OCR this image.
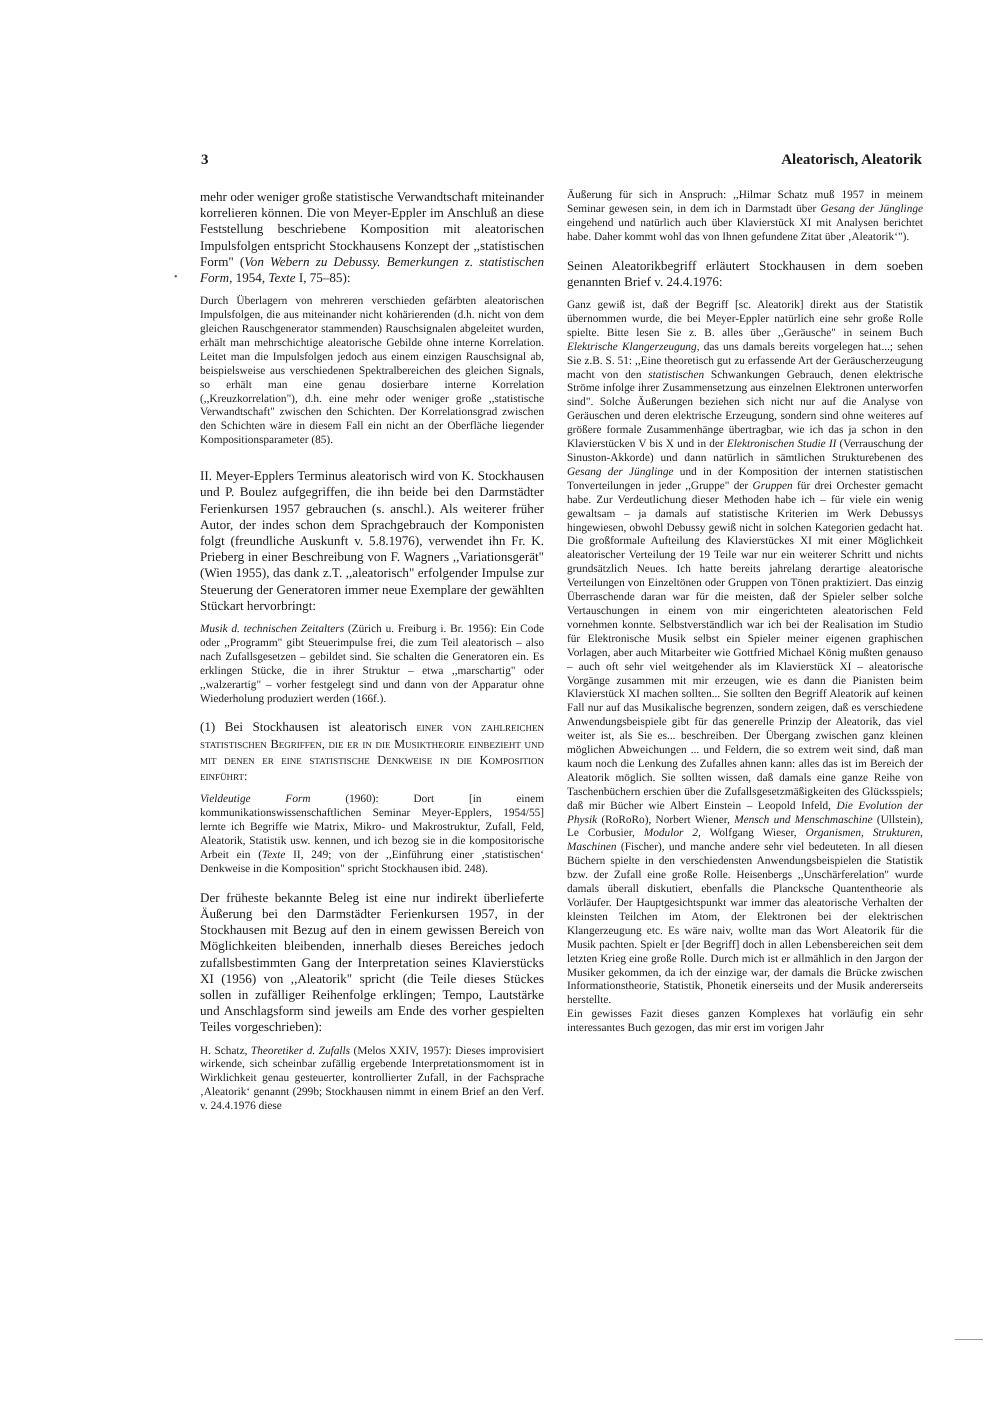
3	Aleatorisch, Aleatorik
•

mehr oder weniger große statistische Verwandtschaft miteinander korrelieren können. Die von Meyer-Eppler im Anschluß an diese Feststellung beschriebene Komposition mit aleatorischen Impulsfolgen entspricht Stockhausens Konzept der ,,statistischen Form" (Von Webern zu Debussy. Bemerkungen z. statistischen Form, 1954, Texte I, 75–85):

Durch Überlagern von mehreren verschieden gefärbten aleatorischen Impulsfolgen, die aus miteinander nicht kohärierenden (d.h. nicht von dem gleichen Rauschgenerator stammenden) Rauschsignalen abgeleitet wurden, erhält man mehrschichtige aleatorische Gebilde ohne interne Korrelation. Leitet man die Impulsfolgen jedoch aus einem einzigen Rauschsignal ab, beispielsweise aus verschiedenen Spektralbereichen des gleichen Signals, so erhält man eine genau dosierbare interne Korrelation (,,Kreuzkorrelation"), d.h. eine mehr oder weniger große ,,statistische Verwandtschaft" zwischen den Schichten. Der Korrelationsgrad zwischen den Schichten wäre in diesem Fall ein nicht an der Oberfläche liegender Kompositionsparameter (85).

II. Meyer-Epplers Terminus aleatorisch wird von K. Stockhausen und P. Boulez aufgegriffen, die ihn beide bei den Darmstädter Ferienkursen 1957 gebrauchen (s. anschl.). Als weiterer früher Autor, der indes schon dem Sprachgebrauch der Komponisten folgt (freundliche Auskunft v. 5.8.1976), verwendet ihn Fr. K. Prieberg in einer Beschreibung von F. Wagners ,,Variationsgerät" (Wien 1955), das dank z.T. ,,aleatorisch" erfolgender Impulse zur Steuerung der Generatoren immer neue Exemplare der gewählten Stückart hervorbringt:

Musik d. technischen Zeitalters (Zürich u. Freiburg i. Br. 1956): Ein Code oder ,,Programm" gibt Steuerimpulse frei, die zum Teil aleatorisch – also nach Zufallsgesetzen – gebildet sind. Sie schalten die Generatoren ein. Es erklingen Stücke, die in ihrer Struktur – etwa ,,marschartig" oder ,,walzerartig" – vorher festgelegt sind und dann von der Apparatur ohne Wiederholung produziert werden (166f.).

(1) Bei Stockhausen ist aleatorisch einer von zahlreichen statistischen Begriffen, die er in die Musiktheorie einbezieht und mit denen er eine statistische Denkweise in die Komposition einführt:

Vieldeutige Form (1960): Dort [in einem kommunikationswissenschaftlichen Seminar Meyer-Epplers, 1954/55] lernte ich Begriffe wie Matrix, Mikro- und Makrostruktur, Zufall, Feld, Aleatorik, Statistik usw. kennen, und ich bezog sie in die kompositorische Arbeit ein (Texte II, 249; von der ,,Einführung einer ‚statistischen‘ Denkweise in die Komposition" spricht Stockhausen ibid. 248).

Der früheste bekannte Beleg ist eine nur indirekt überlieferte Äußerung bei den Darmstädter Ferienkursen 1957, in der Stockhausen mit Bezug auf den in einem gewissen Bereich von Möglichkeiten bleibenden, innerhalb dieses Bereiches jedoch zufallsbestimmten Gang der Interpretation seines Klavierstücks XI (1956) von ,,Aleatorik" spricht (die Teile dieses Stückes sollen in zufälliger Reihenfolge erklingen; Tempo, Lautstärke und Anschlagsform sind jeweils am Ende des vorher gespielten Teiles vorgeschrieben):

H. Schatz, Theoretiker d. Zufalls (Melos XXIV, 1957): Dieses improvisiert wirkende, sich scheinbar zufällig ergebende Interpretationsmoment ist in Wirklichkeit genau gesteuerter, kontrollierter Zufall, in der Fachsprache ‚Aleatorik‘ genannt (299b; Stockhausen nimmt in einem Brief an den Verf. v. 24.4.1976 diese

Äußerung für sich in Anspruch: ,,Hilmar Schatz muß 1957 in meinem Seminar gewesen sein, in dem ich in Darmstadt über Gesang der Jünglinge eingehend und natürlich auch über Klavierstück XI mit Analysen berichtet habe. Daher kommt wohl das von Ihnen gefundene Zitat über ‚Aleatorik‘").

Seinen Aleatorikbegriff erläutert Stockhausen in dem soeben genannten Brief v. 24.4.1976:

Ganz gewiß ist, daß der Begriff [sc. Aleatorik] direkt aus der Statistik übernommen wurde, die bei Meyer-Eppler natürlich eine sehr große Rolle spielte. Bitte lesen Sie z. B. alles über ,,Geräusche" in seinem Buch Elektrische Klangerzeugung, das uns damals bereits vorgelegen hat...; sehen Sie z.B. S. 51: ,,Eine theoretisch gut zu erfassende Art der Geräuscherzeugung macht von den statistischen Schwankungen Gebrauch, denen elektrische Ströme infolge ihrer Zusammensetzung aus einzelnen Elektronen unterworfen sind". Solche Äußerungen beziehen sich nicht nur auf die Analyse von Geräuschen und deren elektrische Erzeugung, sondern sind ohne weiteres auf größere formale Zusammenhänge übertragbar, wie ich das ja schon in den Klavierstücken V bis X und in der Elektronischen Studie II (Verrauschung der Sinuston-Akkorde) und dann natürlich in sämtlichen Strukturebenen des Gesang der Jünglinge und in der Komposition der internen statistischen Tonverteilungen in jeder ,,Gruppe" der Gruppen für drei Orchester gemacht habe. Zur Verdeutlichung dieser Methoden habe ich – für viele ein wenig gewaltsam – ja damals auf statistische Kriterien im Werk Debussys hingewiesen, obwohl Debussy gewiß nicht in solchen Kategorien gedacht hat. Die großformale Aufteilung des Klavierstückes XI mit einer Möglichkeit aleatorischer Verteilung der 19 Teile war nur ein weiterer Schritt und nichts grundsätzlich Neues. Ich hatte bereits jahrelang derartige aleatorische Verteilungen von Einzeltönen oder Gruppen von Tönen praktiziert. Das einzig Überraschende daran war für die meisten, daß der Spieler selber solche Vertauschungen in einem von mir eingerichteten aleatorischen Feld vornehmen konnte. Selbstverständlich war ich bei der Realisation im Studio für Elektronische Musik selbst ein Spieler meiner eigenen graphischen Vorlagen, aber auch Mitarbeiter wie Gottfried Michael König mußten genauso – auch oft sehr viel weitgehender als im Klavierstück XI – aleatorische Vorgänge zusammen mit mir erzeugen, wie es dann die Pianisten beim Klavierstück XI machen sollten... Sie sollten den Begriff Aleatorik auf keinen Fall nur auf das Musikalische begrenzen, sondern zeigen, daß es verschiedene Anwendungsbeispiele gibt für das generelle Prinzip der Aleatorik, das viel weiter ist, als Sie es... beschreiben. Der Übergang zwischen ganz kleinen möglichen Abweichungen ... und Feldern, die so extrem weit sind, daß man kaum noch die Lenkung des Zufalles ahnen kann: alles das ist im Bereich der Aleatorik möglich. Sie sollten wissen, daß damals eine ganze Reihe von Taschenbüchern erschien über die Zufallsgesetzmäßigkeiten des Glücksspiels; daß mir Bücher wie Albert Einstein – Leopold Infeld, Die Evolution der Physik (RoRoRo), Norbert Wiener, Mensch und Menschmaschine (Ullstein), Le Corbusier, Modulor 2, Wolfgang Wieser, Organismen, Strukturen, Maschinen (Fischer), und manche andere sehr viel bedeuteten. In all diesen Büchern spielte in den verschiedensten Anwendungsbeispielen die Statistik bzw. der Zufall eine große Rolle. Heisenbergs ,,Unschärferelation" wurde damals überall diskutiert, ebenfalls die Plancksche Quantentheorie als Vorläufer. Der Hauptgesichtspunkt war immer das aleatorische Verhalten der kleinsten Teilchen im Atom, der Elektronen bei der elektrischen Klangerzeugung etc. Es wäre naiv, wollte man das Wort Aleatorik für die Musik pachten. Spielt er [der Begriff] doch in allen Lebensbereichen seit dem letzten Krieg eine große Rolle. Durch mich ist er allmählich in den Jargon der Musiker gekommen, da ich der einzige war, der damals die Brücke zwischen Informationstheorie, Statistik, Phonetik einerseits und der Musik andererseits herstellte.

Ein gewisses Fazit dieses ganzen Komplexes hat vorläufig ein sehr interessantes Buch gezogen, das mir erst im vorigen Jahr
